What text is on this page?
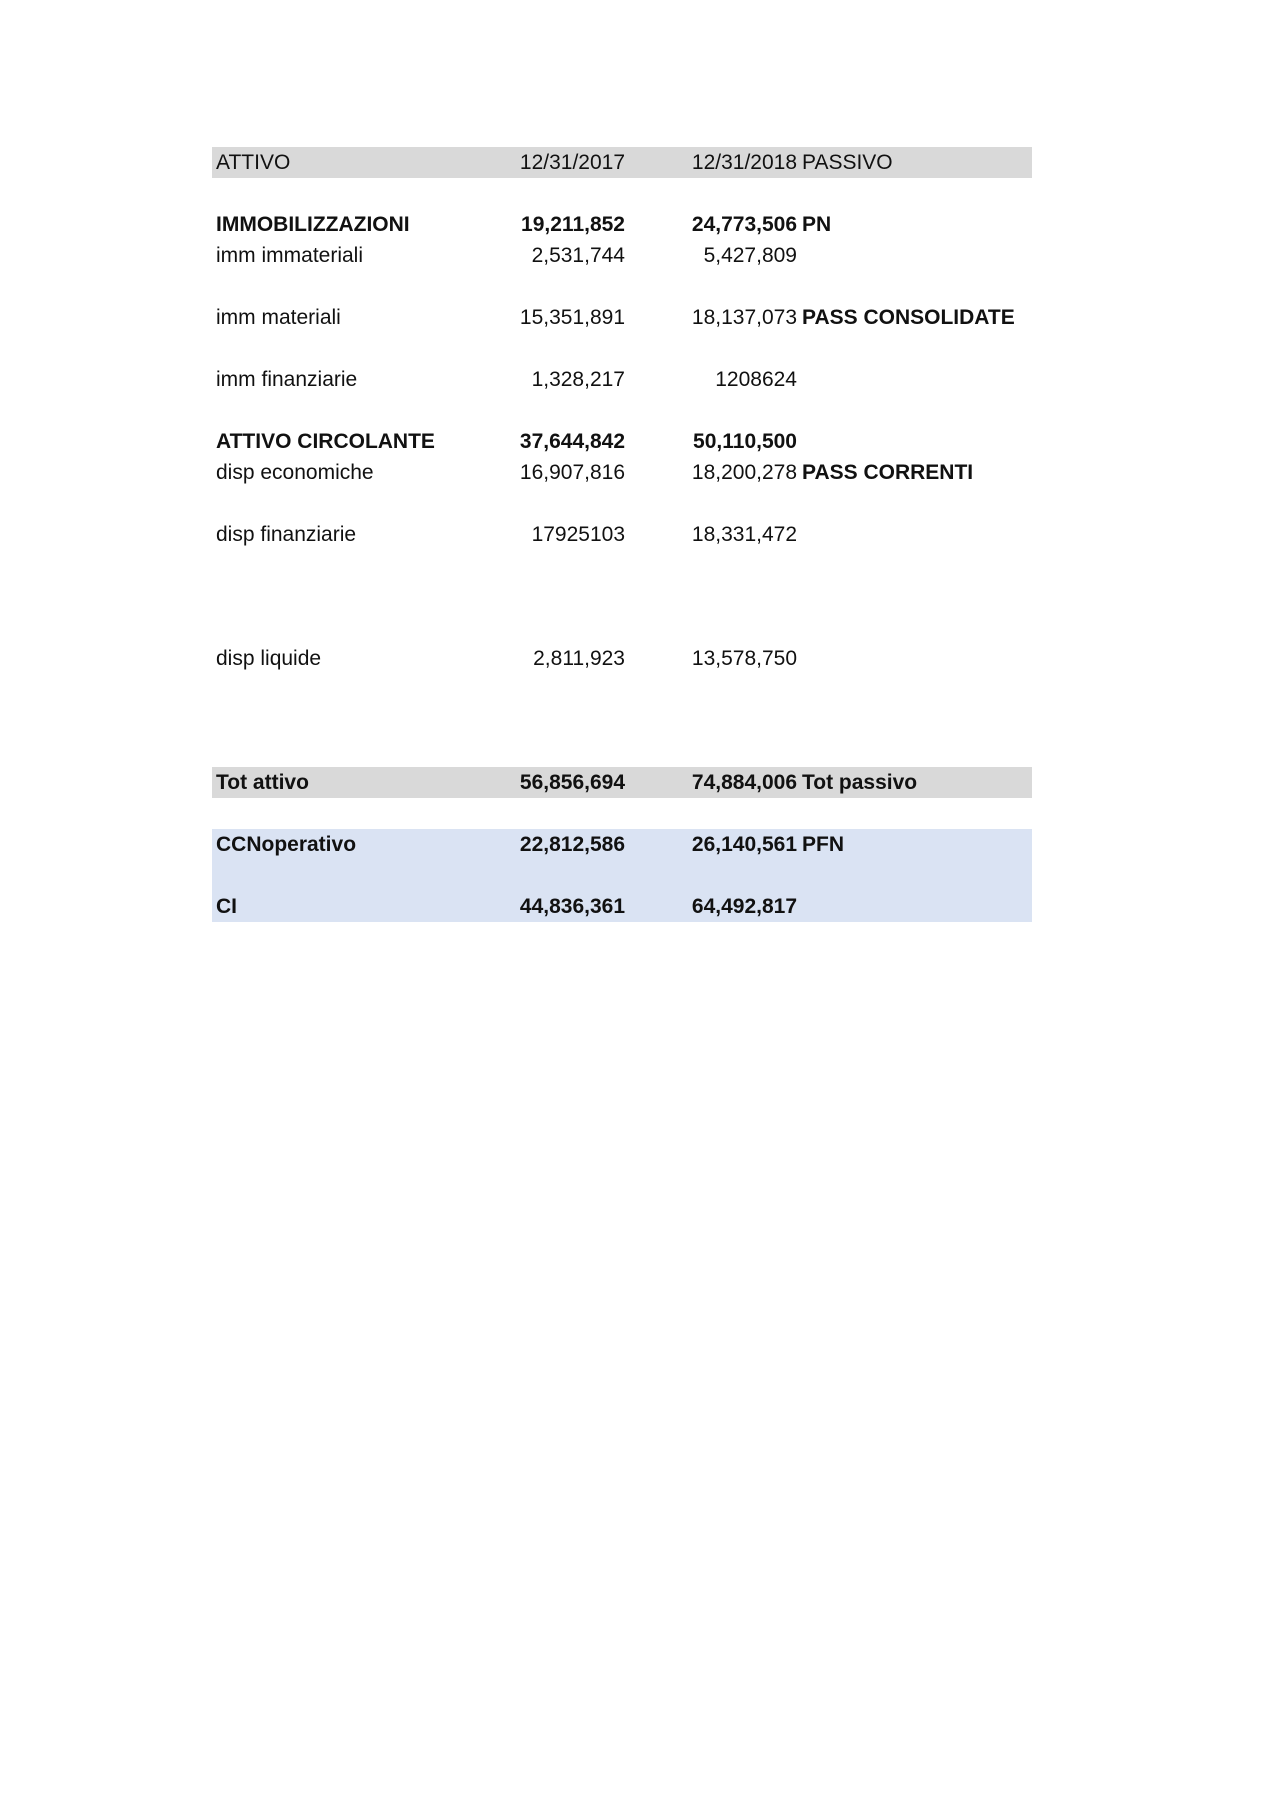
ATTIVO	12/31/2017	12/31/2018 PASSIVO
IMMOBILIZZAZIONI	19,211,852	24,773,506 PN
imm immateriali	2,531,744	5,427,809
imm materiali	15,351,891	18,137,073 PASS CONSOLIDATE
imm finanziarie	1,328,217	1208624
ATTIVO CIRCOLANTE	37,644,842	50,110,500
disp economiche	16,907,816	18,200,278 PASS CORRENTI
disp finanziarie	17925103	18,331,472
disp liquide	2,811,923	13,578,750
Tot attivo	56,856,694	74,884,006 Tot passivo
CCNoperativo	22,812,586	26,140,561 PFN
CI	44,836,361	64,492,817
